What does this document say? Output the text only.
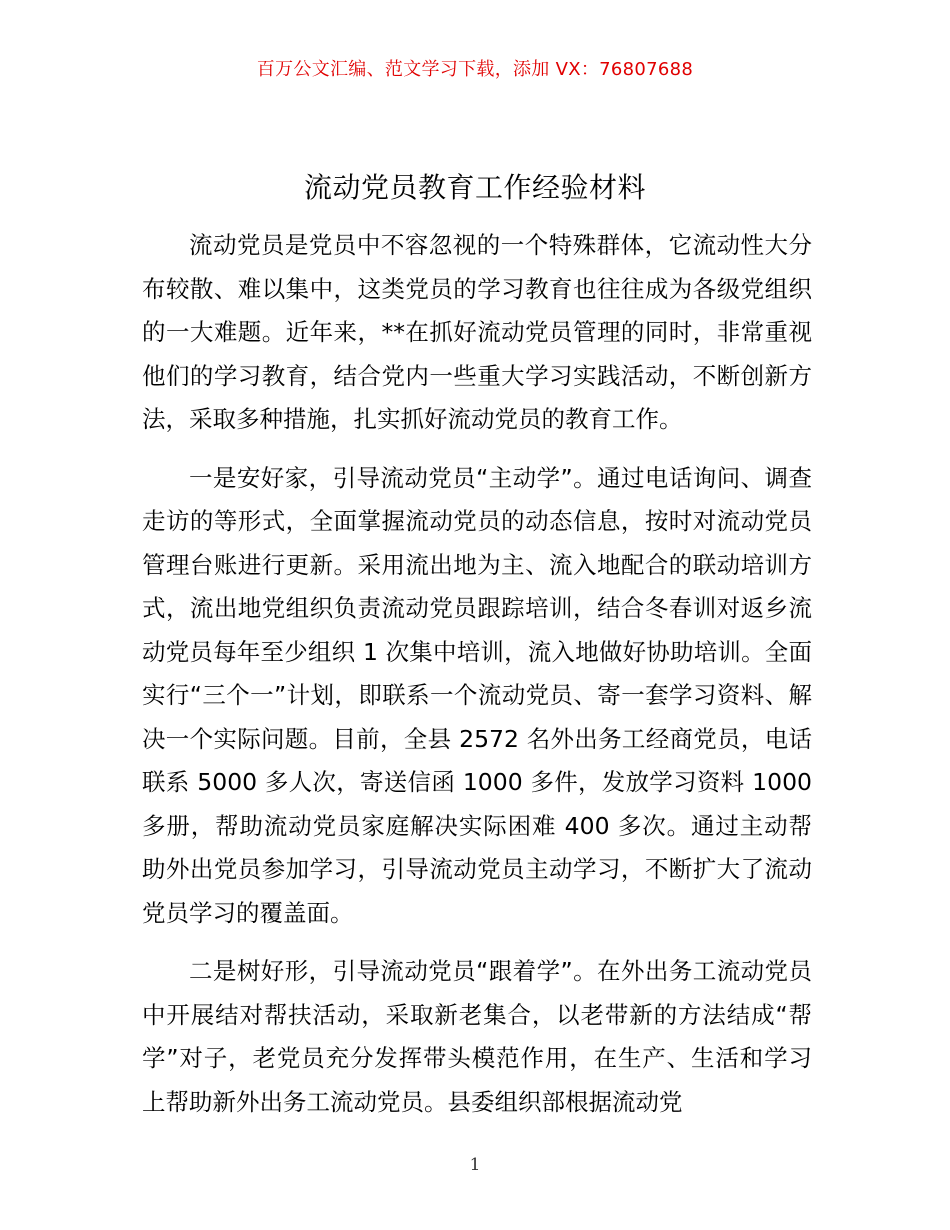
百万公文汇编、范文学习下载，添加 VX：76807688
流动党员教育工作经验材料

流动党员是党员中不容忽视的一个特殊群体，它流动性大分布较散、难以集中，这类党员的学习教育也往往成为各级党组织的一大难题。近年来，**在抓好流动党员管理的同时，非常重视他们的学习教育，结合党内一些重大学习实践活动，不断创新方法，采取多种措施，扎实抓好流动党员的教育工作。

一是安好家，引导流动党员“主动学”。通过电话询问、调查走访的等形式，全面掌握流动党员的动态信息，按时对流动党员管理台账进行更新。采用流出地为主、流入地配合的联动培训方式，流出地党组织负责流动党员跟踪培训，结合冬春训对返乡流动党员每年至少组织 1 次集中培训，流入地做好协助培训。全面实行“三个一”计划，即联系一个流动党员、寄一套学习资料、解决一个实际问题。目前，全县 2572 名外出务工经商党员，电话联系 5000 多人次，寄送信函 1000 多件，发放学习资料 1000 多册，帮助流动党员家庭解决实际困难 400 多次。通过主动帮助外出党员参加学习，引导流动党员主动学习，不断扩大了流动党员学习的覆盖面。

二是树好形，引导流动党员“跟着学”。在外出务工流动党员中开展结对帮扶活动，采取新老集合，以老带新的方法结成“帮学”对子，老党员充分发挥带头模范作用，在生产、生活和学习上帮助新外出务工流动党员。县委组织部根据流动党

1
